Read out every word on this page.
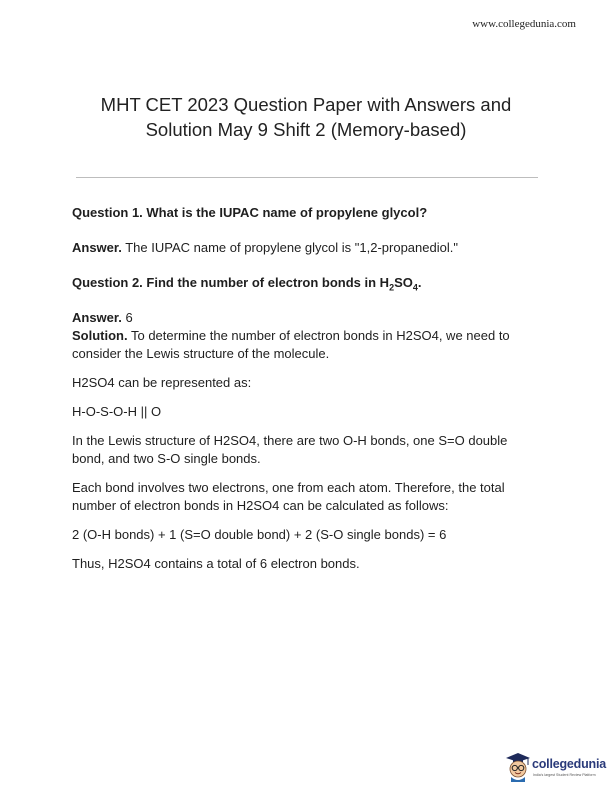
www.collegedunia.com
MHT CET 2023 Question Paper with Answers and
Solution May 9 Shift 2 (Memory-based)

Question 1. What is the IUPAC name of propylene glycol?

Answer. The IUPAC name of propylene glycol is "1,2-propanediol."

Question 2. Find the number of electron bonds in $H_2SO_4$.

Answer. 6

Solution. To determine the number of electron bonds in H2SO4, we need to consider the Lewis structure of the molecule.

H2SO4 can be represented as:

H-O-S-O-H || O

In the Lewis structure of H2SO4, there are two O-H bonds, one S=O double bond, and two S-O single bonds.

Each bond involves two electrons, one from each atom. Therefore, the total number of electron bonds in H2SO4 can be calculated as follows:

2 (O-H bonds) + 1 (S=O double bond) + 2 (S-O single bonds) = 6

Thus, H2SO4 contains a total of 6 electron bonds.

collegedunia
India's largest Student Review Platform
